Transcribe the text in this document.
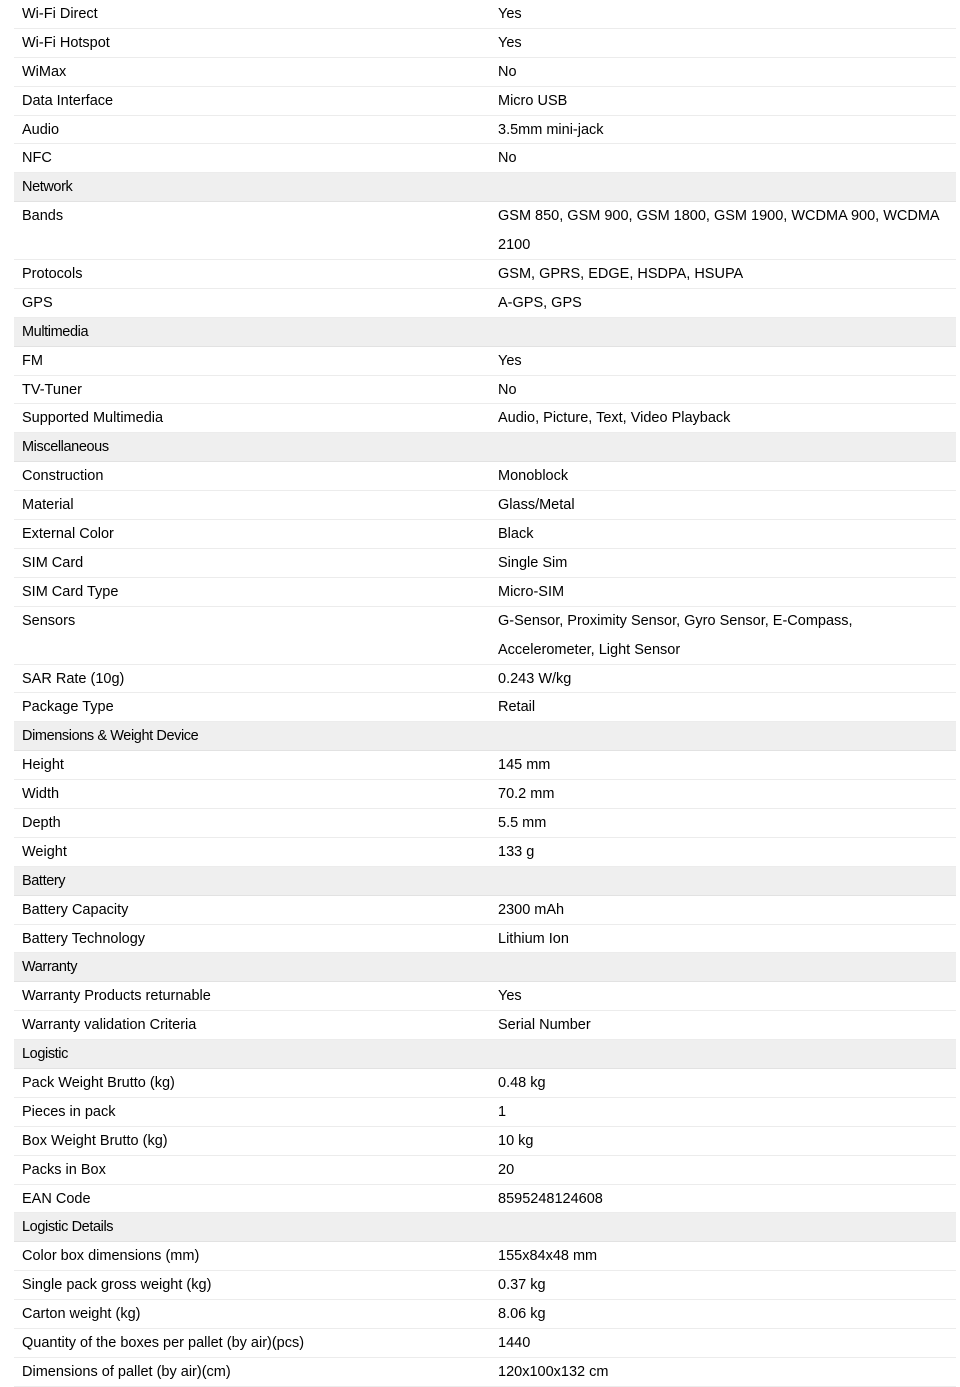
Wi-Fi Direct	Yes
Wi-Fi Hotspot	Yes
WiMax	No
Data Interface	Micro USB
Audio	3.5mm mini-jack
NFC	No
Network
Bands	GSM 850, GSM 900, GSM 1800, GSM 1900, WCDMA 900, WCDMA 2100
Protocols	GSM, GPRS, EDGE, HSDPA, HSUPA
GPS	A-GPS, GPS
Multimedia
FM	Yes
TV-Tuner	No
Supported Multimedia	Audio, Picture, Text, Video Playback
Miscellaneous
Construction	Monoblock
Material	Glass/Metal
External Color	Black
SIM Card	Single Sim
SIM Card Type	Micro-SIM
Sensors	G-Sensor, Proximity Sensor, Gyro Sensor, E-Compass, Accelerometer, Light Sensor
SAR Rate (10g)	0.243 W/kg
Package Type	Retail
Dimensions & Weight Device
Height	145 mm
Width	70.2 mm
Depth	5.5 mm
Weight	133 g
Battery
Battery Capacity	2300 mAh
Battery Technology	Lithium Ion
Warranty
Warranty Products returnable	Yes
Warranty validation Criteria	Serial Number
Logistic
Pack Weight Brutto (kg)	0.48 kg
Pieces in pack	1
Box Weight Brutto (kg)	10 kg
Packs in Box	20
EAN Code	8595248124608
Logistic Details
Color box dimensions (mm)	155x84x48 mm
Single pack gross weight (kg)	0.37 kg
Carton weight (kg)	8.06 kg
Quantity of the boxes per pallet (by air)(pcs)	1440
Dimensions of pallet (by air)(cm)	120x100x132 cm
